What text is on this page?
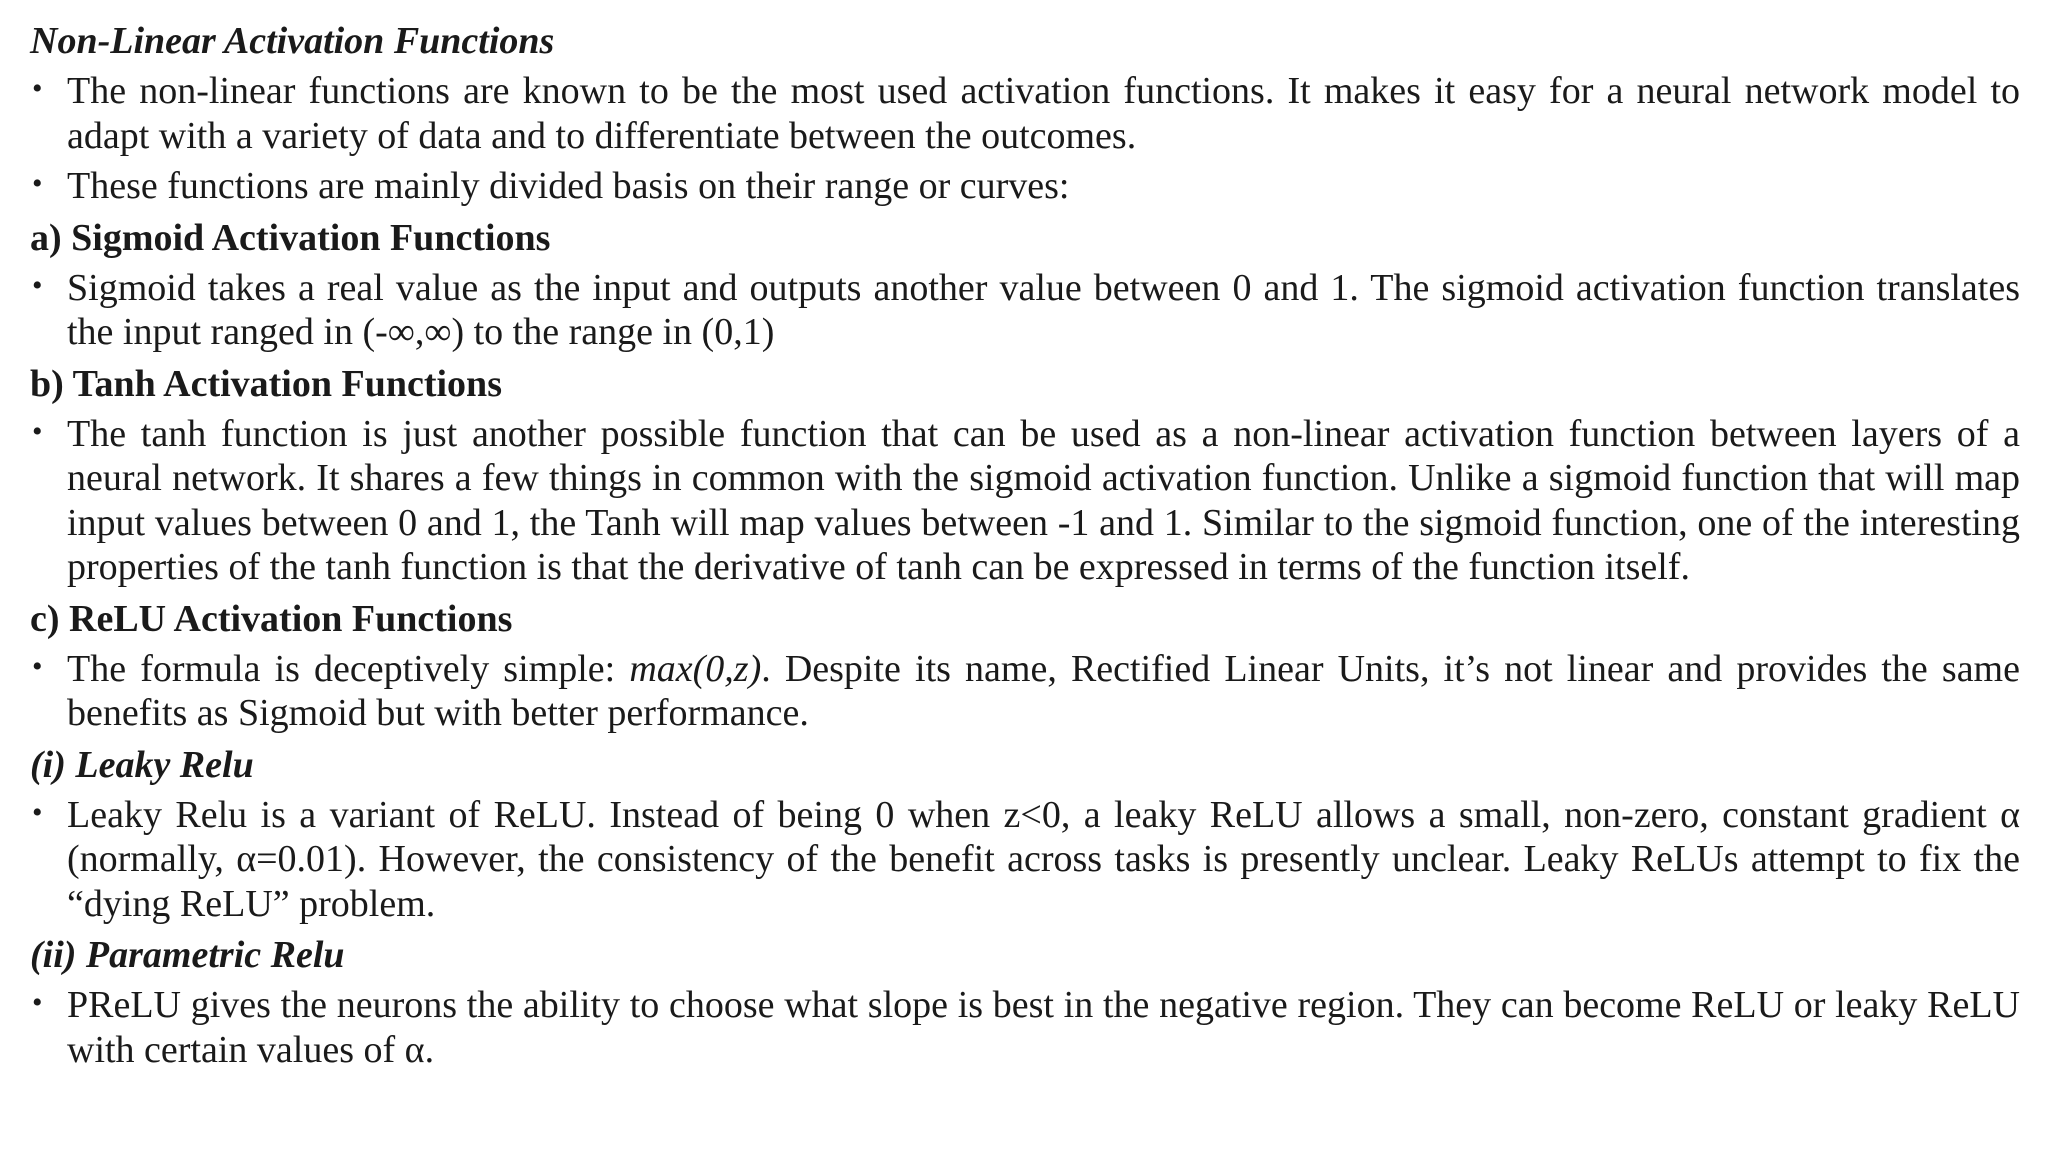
Non-Linear Activation Functions
• The non-linear functions are known to be the most used activation functions. It makes it easy for a neural network model to adapt with a variety of data and to differentiate between the outcomes.
• These functions are mainly divided basis on their range or curves:
a) Sigmoid Activation Functions
• Sigmoid takes a real value as the input and outputs another value between 0 and 1. The sigmoid activation function translates the input ranged in (-∞,∞) to the range in (0,1)
b) Tanh Activation Functions
• The tanh function is just another possible function that can be used as a non-linear activation function between layers of a neural network. It shares a few things in common with the sigmoid activation function. Unlike a sigmoid function that will map input values between 0 and 1, the Tanh will map values between -1 and 1. Similar to the sigmoid function, one of the interesting properties of the tanh function is that the derivative of tanh can be expressed in terms of the function itself.
c) ReLU Activation Functions
• The formula is deceptively simple: max(0,z). Despite its name, Rectified Linear Units, it’s not linear and provides the same benefits as Sigmoid but with better performance.
(i) Leaky Relu
• Leaky Relu is a variant of ReLU. Instead of being 0 when z<0, a leaky ReLU allows a small, non-zero, constant gradient α (normally, α=0.01). However, the consistency of the benefit across tasks is presently unclear. Leaky ReLUs attempt to fix the “dying ReLU” problem.
(ii) Parametric Relu
• PReLU gives the neurons the ability to choose what slope is best in the negative region. They can become ReLU or leaky ReLU with certain values of α.
